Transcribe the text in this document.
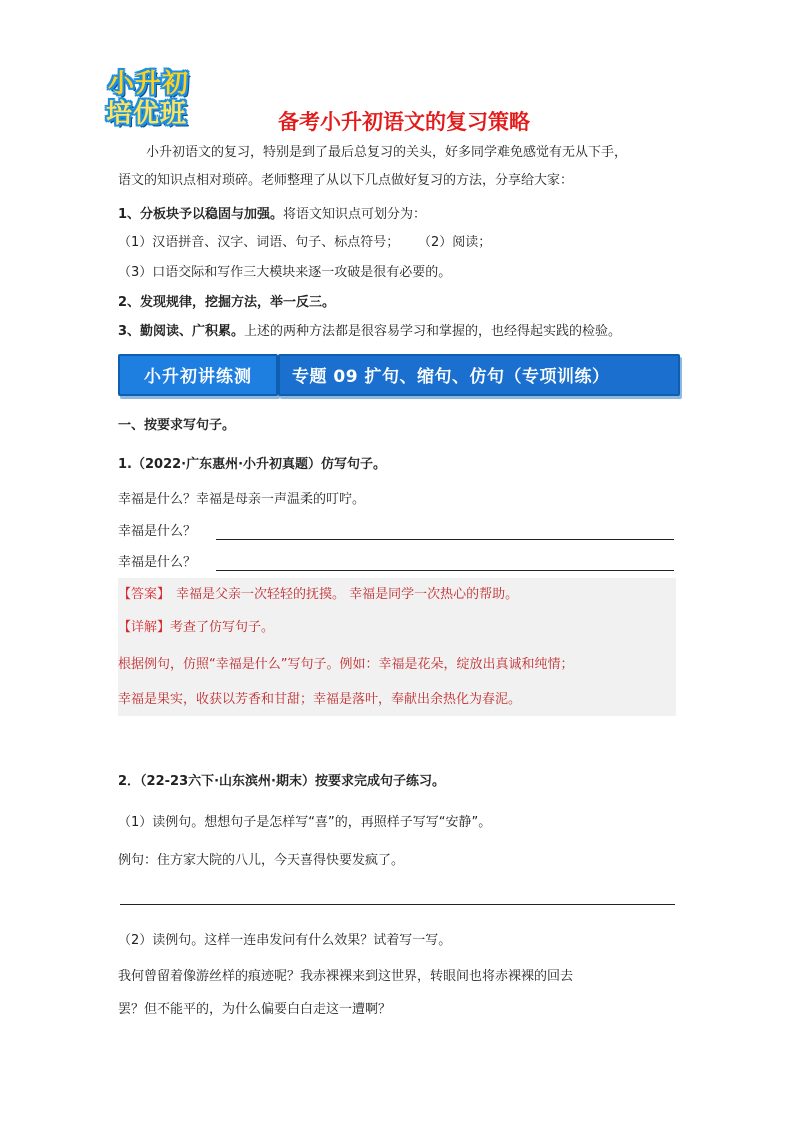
小升初
培优班	备考小升初语文的复习策略
小升初语文的复习，特别是到了最后总复习的关头，好多同学难免感觉有无从下手，
语文的知识点相对琐碎。老师整理了从以下几点做好复习的方法，分享给大家：
1、分板块予以稳固与加强。将语文知识点可划分为：
（1）汉语拼音、汉字、词语、句子、标点符号； （2）阅读；
（3）口语交际和写作三大模块来逐一攻破是很有必要的。
2、发现规律，挖掘方法，举一反三。
3、勤阅读、广积累。上述的两种方法都是很容易学习和掌握的，也经得起实践的检验。
小升初讲练测	专题 09 扩句、缩句、仿句（专项训练）
一、按要求写句子。
1.（2022·广东惠州·小升初真题）仿写句子。
幸福是什么？幸福是母亲一声温柔的叮咛。
幸福是什么？
幸福是什么？
【答案】 幸福是父亲一次轻轻的抚摸。 幸福是同学一次热心的帮助。
【详解】考查了仿写句子。
根据例句，仿照“幸福是什么”写句子。例如：幸福是花朵，绽放出真诚和纯情；
幸福是果实，收获以芳香和甘甜；幸福是落叶，奉献出余热化为春泥。
2．（22-23六下·山东滨州·期末）按要求完成句子练习。
（1）读例句。想想句子是怎样写“喜”的，再照样子写写“安静”。
例句：住方家大院的八儿，今天喜得快要发疯了。
（2）读例句。这样一连串发问有什么效果？试着写一写。
我何曾留着像游丝样的痕迹呢？我赤裸裸来到这世界，转眼间也将赤裸裸的回去
罢？但不能平的，为什么偏要白白走这一遭啊？
